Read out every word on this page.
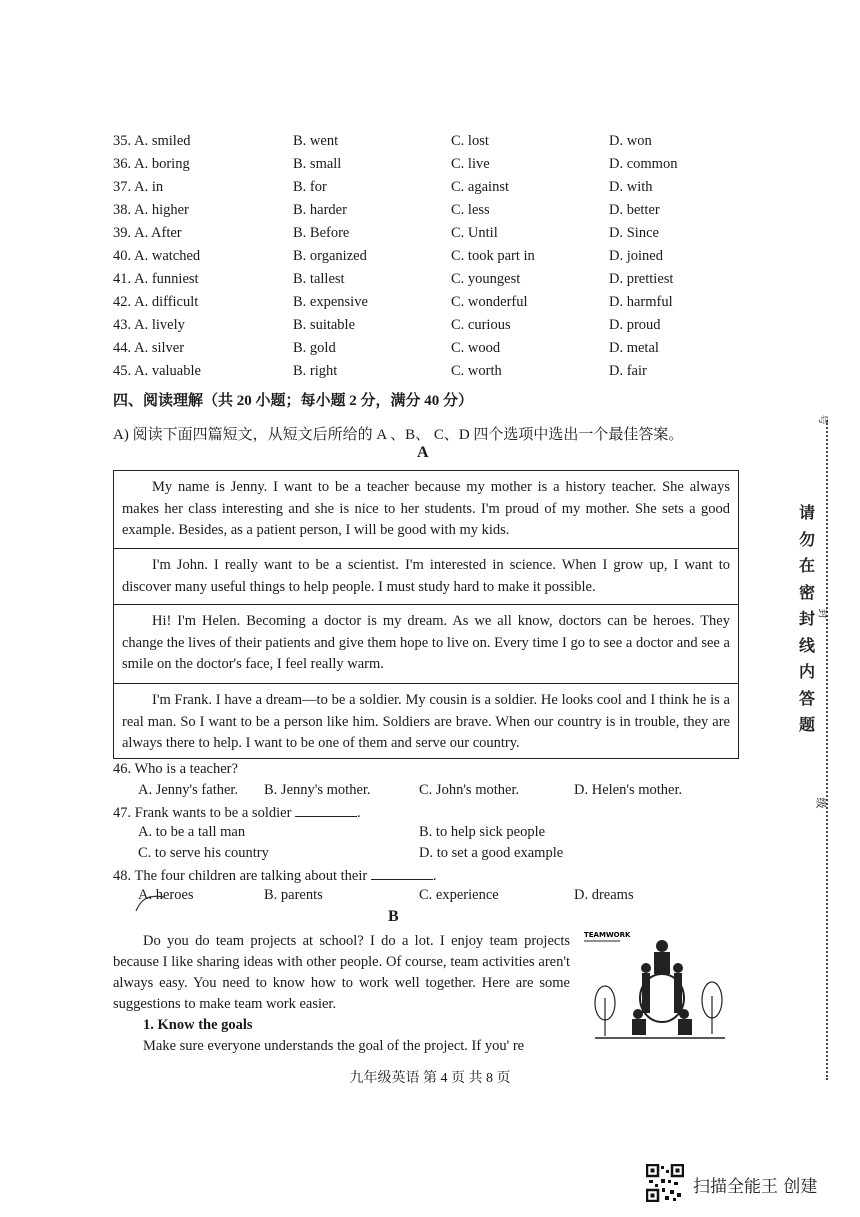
35. A. smiled	B. went	C. lost	D. won
36. A. boring	B. small	C. live	D. common
37. A. in	B. for	C. against	D. with
38. A. higher	B. harder	C. less	D. better
39. A. After	B. Before	C. Until	D. Since
40. A. watched	B. organized	C. took part in	D. joined
41. A. funniest	B. tallest	C. youngest	D. prettiest
42. A. difficult	B. expensive	C. wonderful	D. harmful
43. A. lively	B. suitable	C. curious	D. proud
44. A. silver	B. gold	C. wood	D. metal
45. A. valuable	B. right	C. worth	D. fair
四、阅读理解（共 20 小题；每小题 2 分，满分 40 分）
A) 阅读下面四篇短文，从短文后所给的 A 、B、 C、D 四个选项中选出一个最佳答案。
A

My name is Jenny. I want to be a teacher because my mother is a history teacher. She always makes her class interesting and she is nice to her students. I'm proud of my mother. She sets a good example. Besides, as a patient person, I will be good with my kids.

I'm John. I really want to be a scientist. I'm interested in science. When I grow up, I want to discover many useful things to help people. I must study hard to make it possible.

Hi! I'm Helen. Becoming a doctor is my dream. As we all know, doctors can be heroes. They change the lives of their patients and give them hope to live on. Every time I go to see a doctor and see a smile on the doctor's face, I feel really warm.

I'm Frank. I have a dream—to be a soldier. My cousin is a soldier. He looks cool and I think he is a real man. So I want to be a person like him. Soldiers are brave. When our country is in trouble, they are always there to help. I want to be one of them and serve our country.

46. Who is a teacher?
A. Jenny's father. B. Jenny's mother.	C. John's mother.	D. Helen's mother.
47. Frank wants to be a soldier	.
A. to be a tall man	B. to help sick people
C. to serve his country	D. to set a good example
48. The four children are talking about their	.
A. heroes	B. parents	C. experience	D. dreams
B

Do you do team projects at school? I do a lot. I enjoy team projects because I like sharing ideas with other people. Of course, team activities aren't always easy. You need to know how to work well together. Here are some suggestions to make team work easier.

1. Know the goals

Make sure everyone understands the goal of the project. If you' re

TEAMWORK
九年级英语 第 4 页 共 8 页
请
勿
在
密
封
线
内
答
题
号
封
级
扫描全能王 创建
